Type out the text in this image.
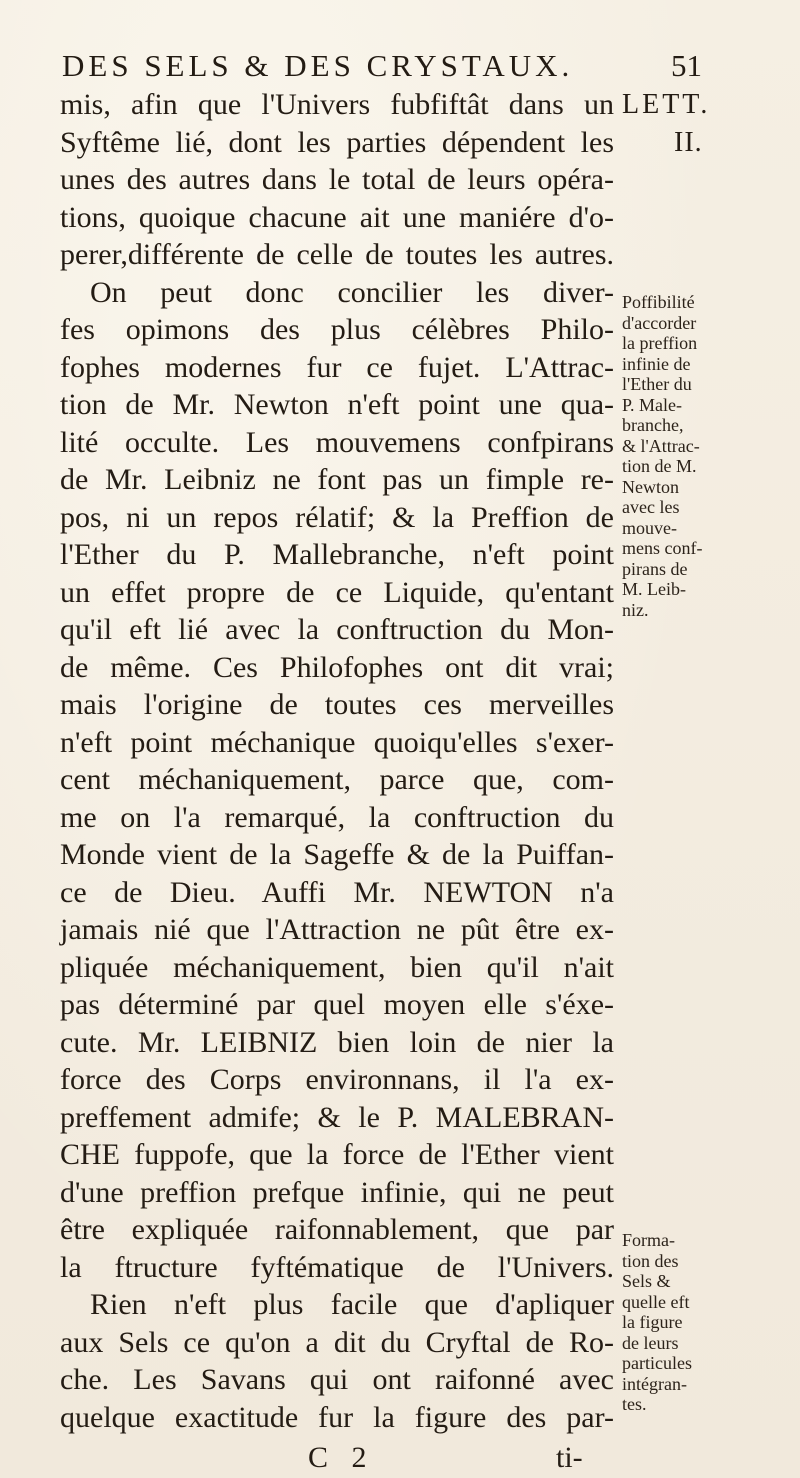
DES SELS & DES CRYSTAUX.	51
LETT.
II.
mis, afin que l'Univers fubfiftât dans un
Syftême lié, dont les parties dépendent les
unes des autres dans le total de leurs opéra-
tions, quoique chacune ait une maniére d'o-
perer,différente de celle de toutes les autres.
On peut donc concilier les diver-
fes opimons des plus célèbres Philo-
fophes modernes fur ce fujet. L'Attrac-
tion de Mr. Newton n'eft point une qua-
lité occulte. Les mouvemens confpirans
de Mr. Leibniz ne font pas un fimple re-
pos, ni un repos rélatif; & la Preffion de
l'Ether du P. Mallebranche, n'eft point
un effet propre de ce Liquide, qu'entant
qu'il eft lié avec la conftruction du Mon-
de même. Ces Philofophes ont dit vrai;
mais l'origine de toutes ces merveilles
n'eft point méchanique quoiqu'elles s'exer-
cent méchaniquement, parce que, com-
me on l'a remarqué, la conftruction du
Monde vient de la Sageffe & de la Puiffan-
ce de Dieu. Auffi Mr. NEWTON n'a
jamais nié que l'Attraction ne pût être ex-
pliquée méchaniquement, bien qu'il n'ait
pas déterminé par quel moyen elle s'éxe-
cute. Mr. LEIBNIZ bien loin de nier la
force des Corps environnans, il l'a ex-
preffement admife; & le P. MALEBRAN-
CHE fuppofe, que la force de l'Ether vient
d'une preffion prefque infinie, qui ne peut
être expliquée raifonnablement, que par
la ftructure fyftématique de l'Univers.
Rien n'eft plus facile que d'apliquer
aux Sels ce qu'on a dit du Cryftal de Ro-
che. Les Savans qui ont raifonné avec
quelque exactitude fur la figure des par-
Poffibilité
d'accorder
la preffion
infinie de
l'Ether du
P. Male-
branche,
& l'Attrac-
tion de M.
Newton
avec les
mouve-
mens conf-
pirans de
M. Leib-
niz.
Forma-
tion des
Sels &
quelle eft
la figure
de leurs
particules
intégran-
tes.
C 2	ti-
